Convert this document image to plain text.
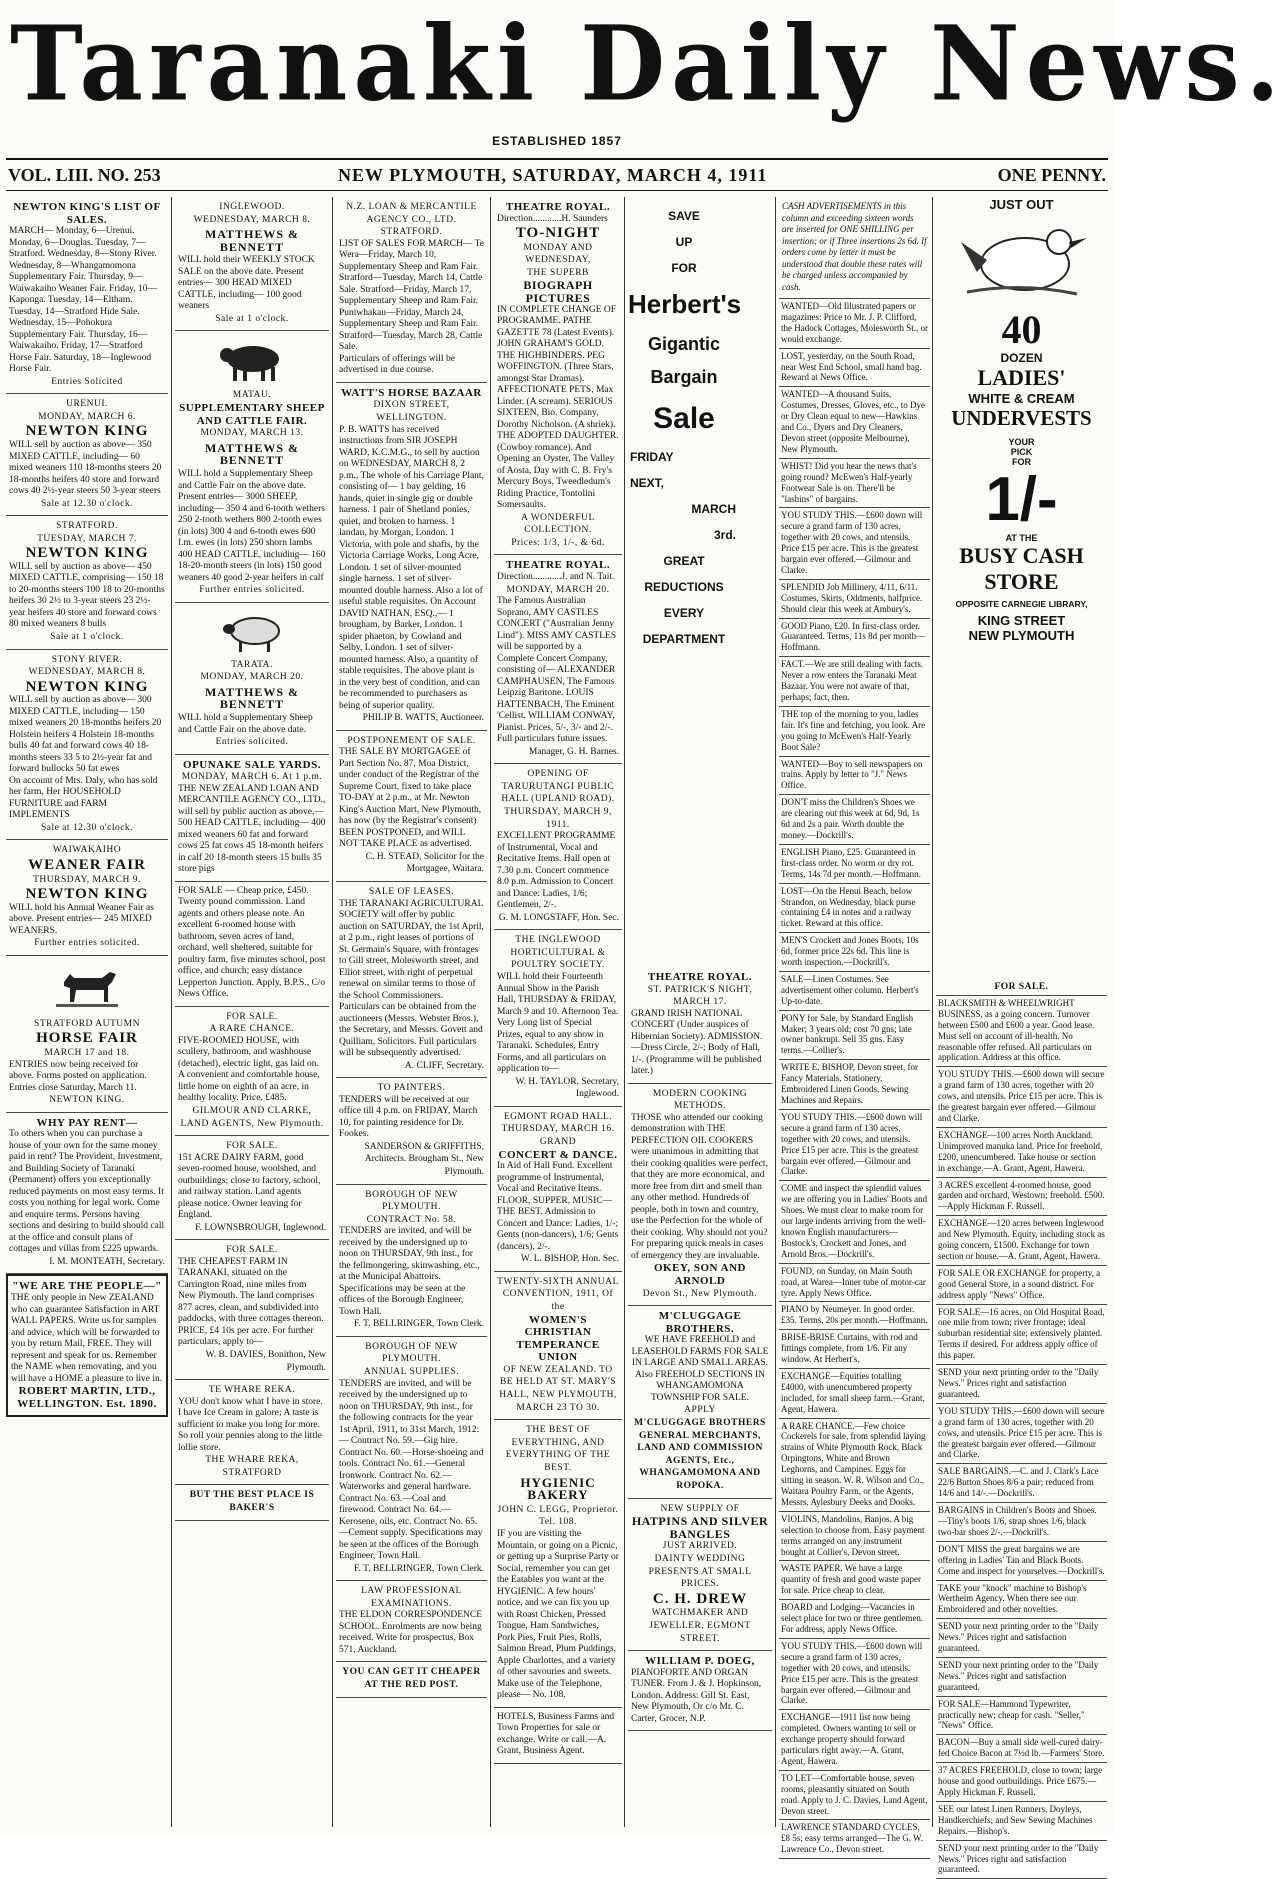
Taranaki Daily News.
ESTABLISHED 1857
VOL. LIII. NO. 253	NEW PLYMOUTH, SATURDAY, MARCH 4, 1911	ONE PENNY.
NEWTON KING'S LIST OF SALES.

MARCH— Monday, 6—Urenui. Monday, 6—Douglas. Tuesday, 7—Stratford. Wednesday, 8—Stony River. Wednesday, 8—Whangamomona Supplementary Fair. Thursday, 9—Waiwakaiho Weaner Fair. Friday, 10—Kaponga. Tuesday, 14—Eltham. Tuesday, 14—Stratford Hide Sale. Wednesday, 15—Pohokura Supplementary Fair. Thursday, 16—Waiwakaiho. Friday, 17—Stratford Horse Fair. Saturday, 18—Inglewood Horse Fair.

Entries Solicited
URENUI.
MONDAY, MARCH 6.
NEWTON KING

WILL sell by auction as above— 350 MIXED CATTLE, including— 60 mixed weaners 110 18-months steers 20 18-months heifers 40 store and forward cows 40 2½-year steers 50 3-year steers

Sale at 12.30 o'clock.
STRATFORD.
TUESDAY, MARCH 7.
NEWTON KING

WILL sell by auction as above— 450 MIXED CATTLE, comprising— 150 18 to 20-months steers 100 18 to 20-months heifers 30 2½ to 3-year steers 23 2½-year heifers 40 store and forward cows 80 mixed weaners 8 bulls

Sale at 1 o'clock.
STONY RIVER.
WEDNESDAY, MARCH 8.
NEWTON KING

WILL sell by auction as above— 300 MIXED CATTLE, including— 150 mixed weaners 20 18-months heifers 20 Holstein heifers 4 Holstein 18-months bulls 40 fat and forward cows 40 18-months steers 33 5 to 2½-year fat and forward bullocks 50 fat ewes

On account of Mrs. Daly, who has sold her farm, Her HOUSEHOLD FURNITURE and FARM IMPLEMENTS

Sale at 12.30 o'clock.
WAIWAKAIHO
WEANER FAIR
THURSDAY, MARCH 9.
NEWTON KING

WILL hold his Annual Weaner Fair as above. Present entries— 245 MIXED WEANERS.

Further entries solicited.
STRATFORD AUTUMN
HORSE FAIR
MARCH 17 and 18.

ENTRIES now being received for above. Forms posted on application. Entries close Saturday, March 11.

NEWTON KING.
WHY PAY RENT—

To others when you can purchase a house of your own for the same money paid in rent? The Provident, Investment, and Building Society of Taranaki (Permanent) offers you exceptionally reduced payments on most easy terms. It costs you nothing for legal work. Come and enquire terms. Persons having sections and desiring to build should call at the office and consult plans of cottages and villas from £225 upwards.

I. M. MONTEATH, Secretary.
"WE ARE THE PEOPLE—"

THE only people in New ZEALAND who can guarantee Satisfaction in ART WALL PAPERS. Write us for samples and advice, which will be forwarded to you by return Mail, FREE. They will represent and speak for us. Remember the NAME when removating, and you will have a HOME a pleasure to live in.

ROBERT MARTIN, LTD., WELLINGTON. Est. 1890.
INGLEWOOD.
WEDNESDAY, MARCH 8.
MATTHEWS & BENNETT

WILL hold their WEEKLY STOCK SALE on the above date. Present entries— 300 HEAD MIXED CATTLE, including— 100 good weaners

Sale at 1 o'clock.
MATAU.
SUPPLEMENTARY SHEEP AND CATTLE FAIR.
MONDAY, MARCH 13.
MATTHEWS & BENNETT

WILL hold a Supplementary Sheep and Cattle Fair on the above date. Present entries— 3000 SHEEP, including— 350 4 and 6-tooth wethers 250 2-tooth wethers 800 2-tooth ewes (in lots) 300 4 and 6-tooth ewes 600 f.m. ewes (in lots) 250 shorn lambs 400 HEAD CATTLE, including— 160 18-20-month steers (in lots) 150 good weaners 40 good 2-year heifers in calf

Further entries solicited.
TARATA.
MONDAY, MARCH 20.
MATTHEWS & BENNETT

WILL hold a Supplementary Sheep and Cattle Fair on the above date.

Entries solicited.
OPUNAKE SALE YARDS.
MONDAY, MARCH 6. At 1 p.m.

THE NEW ZEALAND LOAN AND MERCANTILE AGENCY CO., LTD., will sell by public auction as above,— 500 HEAD CATTLE, including— 400 mixed weaners 60 fat and forward cows 25 fat cows 45 18-month heifers in calf 20 18-month steers 15 bulls 35 store pigs

FOR SALE — Cheap price, £450. Twenty pound commission. Land agents and others please note. An excellent 6-roomed house with bathroom, seven acres of land, orchard, well sheltered, suitable for poultry farm, five minutes school, post office, and church; easy distance Lepperton Junction. Apply, B.P.S., C/o News Office.

FOR SALE.
A RARE CHANCE.

FIVE-ROOMED HOUSE, with scullery, bathroom, and washhouse (detached), electric light, gas laid on. A convenient and comfortable house, little home on eighth of an acre, in healthy locality. Price, £485.

GILMOUR AND CLARKE, LAND AGENTS, New Plymouth.
FOR SALE.

151 ACRE DAIRY FARM, good seven-roomed house, woolshed, and outbuildings; close to factory, school, and railway station. Land agents please notice. Owner leaving for England.

F. LOWNSBROUGH, Inglewood.
FOR SALE.

THE CHEAPEST FARM IN TARANAKI, situated on the Carrington Road, nine miles from New Plymouth. The land comprises 877 acres, clean, and subdivided into paddocks, with three cottages thereon. PRICE, £4 10s per acre. For further particulars, apply to—

W. B. DAVIES, Bonithon, New Plymouth.
TE WHARE REKA.

YOU don't know what I have in store. I have Ice Cream in galore; A taste is sufficient to make you long for more. So roll your pennies along to the little lollie store.

THE WHARE REKA, STRATFORD
BUT THE BEST PLACE IS BAKER'S
N.Z. LOAN & MERCANTILE AGENCY CO., LTD.
STRATFORD.

LIST OF SALES FOR MARCH— Te Wera—Friday, March 10, Supplementary Sheep and Ram Fair. Stratford—Tuesday, March 14, Cattle Sale. Stratford—Friday, March 17, Supplementary Sheep and Ram Fair. Puniwhakau—Friday, March 24, Supplementary Sheep and Ram Fair. Stratford—Tuesday, March 28, Cattle Sale.

Particulars of offerings will be advertised in due course.

WATT'S HORSE BAZAAR
DIXON STREET, WELLINGTON.

P. B. WATTS has received instructions from SIR JOSEPH WARD, K.C.M.G., to sell by auction on WEDNESDAY, MARCH 8, 2 p.m., The whole of his Carriage Plant, consisting of— 1 bay gelding, 16 hands, quiet in single gig or double harness. 1 pair of Shetland ponies, quiet, and broken to harness. 1 landau, by Morgan, London. 1 Victoria, with pole and shafts, by the Victoria Carriage Works, Long Acre, London. 1 set of silver-mounted single harness. 1 set of silver-mounted double harness. Also a lot of useful stable requisites. On Account DAVID NATHAN, ESQ.,— 1 brougham, by Barker, London. 1 spider phaeton, by Cowland and Selby, London. 1 set of silver-mounted harness. Also, a quantity of stable requisites. The above plant is in the very best of condition, and can be recommended to purchasers as being of superior quality.

PHILIP B. WATTS, Auctioneer.
POSTPONEMENT OF SALE.

THE SALE BY MORTGAGEE of Part Section No. 87, Moa District, under conduct of the Registrar of the Supreme Court, fixed to take place TO-DAY at 2 p.m., at Mr. Newton King's Auction Mart, New Plymouth, has now (by the Registrar's consent) BEEN POSTPONED, and WILL NOT TAKE PLACE as advertised.

C. H. STEAD, Solicitor for the Mortgagee, Waitara.
SALE OF LEASES.

THE TARANAKI AGRICULTURAL SOCIETY will offer by public auction on SATURDAY, the 1st April, at 2 p.m., right leases of portions of St. Germain's Square, with frontages to Gill street, Molesworth street, and Elliot street, with right of perpetual renewal on similar terms to those of the School Commissioners. Particulars can be obtained from the auctioneers (Messrs. Webster Bros.), the Secretary, and Messrs. Govett and Quilliam, Solicitors. Full particulars will be subsequently advertised.

A. CLIFF, Secretary.
TO PAINTERS.

TENDERS will be received at our office till 4 p.m. on FRIDAY, March 10, for painting residence for Dr. Fookes.

SANDERSON & GRIFFITHS, Architects. Brougham St., New Plymouth.
BOROUGH OF NEW PLYMOUTH.
CONTRACT No. 58.

TENDERS are invited, and will be received by the undersigned up to noon on THURSDAY, 9th inst., for the fellmongering, skinwashing, etc., at the Municipal Abattoirs. Specifications may be seen at the offices of the Borough Engineer, Town Hall.

F. T. BELLRINGER, Town Clerk.
BOROUGH OF NEW PLYMOUTH.
ANNUAL SUPPLIES.

TENDERS are invited, and will be received by the undersigned up to noon on THURSDAY, 9th inst., for the following contracts for the year 1st April, 1911, to 31st March, 1912:— Contract No. 59.—Gig hire. Contract No. 60.—Horse-shoeing and tools. Contract No. 61.—General Ironwork. Contract No. 62.—Waterworks and general hardware. Contract No. 63.—Coal and firewood. Contract No. 64.—Kerosene, oils, etc. Contract No. 65.—Cement supply. Specifications may be seen at the offices of the Borough Engineer, Town Hall.

F. T. BELLRINGER, Town Clerk.
LAW PROFESSIONAL EXAMINATIONS.

THE ELDON CORRESPONDENCE SCHOOL. Enrolments are now being received. Write for prospectus, Box 571, Auckland.

YOU CAN GET IT CHEAPER AT THE RED POST.
THEATRE ROYAL.
Direction............H. Saunders
TO-NIGHT
MONDAY AND WEDNESDAY,
THE SUPERB
BIOGRAPH PICTURES

IN COMPLETE CHANGE OF PROGRAMME. PATHE GAZETTE 78 (Latest Events). JOHN GRAHAM'S GOLD. THE HIGHBINDERS. PEG WOFFINGTON. (Three Stars, amongst Star Dramas). AFFECTIONATE PETS, Max Linder. (A scream). SERIOUS SIXTEEN, Bio. Company, Dorothy Nicholson. (A shriek). THE ADOPTED DAUGHTER. (Cowboy romance). And Opening an Oyster, The Valley of Aosta, Day with C. B. Fry's Mercury Boys, Tweedledum's Riding Practice, Tontolini Somersaults.

A WONDERFUL COLLECTION.
Prices: 1/3, 1/-, & 6d.
THEATRE ROYAL.
Direction............J. and N. Tait.
MONDAY, MARCH 20.

The Famous Australian Soprano, AMY CASTLES CONCERT ("Australian Jenny Lind"). MISS AMY CASTLES will be supported by a Complete Concert Company, consisting of— ALEXANDER CAMPHAUSEN, The Famous Leipzig Baritone. LOUIS HATTENBACH, The Eminent 'Cellist. WILLIAM CONWAY, Pianist. Prices, 5/-, 3/- and 2/-. Full particulars future issues.

Manager, G. H. Barnes.
OPENING OF TARURUTANGI PUBLIC HALL (UPLAND ROAD).
THURSDAY, MARCH 9, 1911.

EXCELLENT PROGRAMME of Instrumental, Vocal and Recitative Items. Hall open at 7.30 p.m. Concert commence 8.0 p.m. Admission to Concert and Dance: Ladies, 1/6; Gentlemen, 2/-.

G. M. LONGSTAFF, Hon. Sec.
THE INGLEWOOD HORTICULTURAL & POULTRY SOCIETY.

WILL hold their Fourteenth Annual Show in the Parish Hall, THURSDAY & FRIDAY, March 9 and 10. Afternoon Tea. Very Long list of Special Prizes, equal to any show in Taranaki. Schedules, Entry Forms, and all particulars on application to—

W. H. TAYLOR, Secretary, Inglewood.
EGMONT ROAD HALL.
THURSDAY, MARCH 16.
GRAND
CONCERT & DANCE.

In Aid of Hall Fund. Excellent programme of Instrumental, Vocal and Recitative Items. FLOOR, SUPPER, MUSIC—THE BEST. Admission to Concert and Dance: Ladies, 1/-; Gents (non-dancers), 1/6; Gents (dancers), 2/-.

W. L. BISHOP, Hon. Sec.
TWENTY-SIXTH ANNUAL CONVENTION, 1911, Of the
WOMEN'S CHRISTIAN TEMPERANCE UNION
OF NEW ZEALAND. TO BE HELD AT ST. MARY'S HALL, NEW PLYMOUTH, MARCH 23 TO 30.
THE BEST OF EVERYTHING, AND EVERYTHING OF THE BEST.
HYGIENIC BAKERY
JOHN C. LEGG, Proprietor. Tel. 108.

IF you are visiting the Mountain, or going on a Picnic, or getting up a Surprise Party or Social, remember you can get the Eatables you want at the HYGIENIC. A few hours' notice, and we can fix you up with Roast Chicken, Pressed Tongue, Ham Sandwiches, Pork Pies, Fruit Pies, Rolls, Salmon Bread, Plum Puddings, Apple Charlottes, and a variety of other savouries and sweets. Make use of the Telephone, please— No. 108.

HOTELS, Business Farms and Town Properties for sale or exchange. Write or call.—A. Grant, Business Agent.

SAVE
UP
FOR
Herbert's
Gigantic
Bargain
Sale
FRIDAY
NEXT,
MARCH
3rd.
GREAT
REDUCTIONS
EVERY
DEPARTMENT
THEATRE ROYAL.
ST. PATRICK'S NIGHT, MARCH 17.

GRAND IRISH NATIONAL CONCERT (Under auspices of Hibernian Society). ADMISSION.—Dress Circle, 2/-; Body of Hall, 1/-. (Programme will be published later.)

MODERN COOKING METHODS.

THOSE who attended our cooking demonstration with THE PERFECTION OIL COOKERS were unanimous in admitting that their cooking qualities were perfect, that they are more economical, and more free from dirt and smell than any other method. Hundreds of people, both in town and country, use the Perfection for the whole of their cooking. Why should not you? For preparing quick meals in cases of emergency they are invaluable.

OKEY, SON AND ARNOLD
Devon St., New Plymouth.
M'CLUGGAGE BROTHERS.

WE HAVE FREEHOLD and LEASEHOLD FARMS FOR SALE IN LARGE AND SMALL AREAS. Also FREEHOLD SECTIONS IN WHANGAMOMONA TOWNSHIP FOR SALE.

APPLY
M'CLUGGAGE BROTHERS GENERAL MERCHANTS, LAND AND COMMISSION AGENTS, Etc., WHANGAMOMONA AND ROPOKA.
NEW SUPPLY OF
HATPINS AND SILVER BANGLES
JUST ARRIVED.
DAINTY WEDDING PRESENTS AT SMALL PRICES.
C. H. DREW
WATCHMAKER AND JEWELLER, EGMONT STREET.
WILLIAM P. DOEG,

PIANOFORTE AND ORGAN TUNER. From J. & J. Hopkinson, London. Address: Gill St. East, New Plymouth, Or c/o Mr. C. Carter, Grocer, N.P.

CASH ADVERTISEMENTS in this column and exceeding sixteen words are inserted for ONE SHILLING per insertion; or if Three insertions 2s 6d. If orders come by letter it must be understood that double these rates will be charged unless accompanied by cash.

WANTED—Old Illustrated papers or magazines: Price to Mr. J. P. Clifford, the Hadock Cottages, Molesworth St., or would exchange.

LOST, yesterday, on the South Road, near West End School, small hand bag. Reward at News Office.

WANTED—A thousand Suits, Costumes, Dresses, Gloves, etc., to Dye or Dry Clean equal to new—Hawkins and Co., Dyers and Dry Cleaners, Devon street (opposite Melbourne), New Plymouth.

WHIST! Did you hear the news that's going round? McEwen's Half-yearly Footwear Sale is on. There'll be "lashins" of bargains.

YOU STUDY THIS.—£600 down will secure a grand farm of 130 acres, together with 20 cows, and utensils. Price £15 per acre. This is the greatest bargain ever offered.—Gilmour and Clarke.

SPLENDID Job Millinery, 4/11, 6/11. Costumes, Skirts, Oddments, halfprice. Should clear this week at Ambury's.

GOOD Piano, £20. In first-class order. Guaranteed. Terms, 11s 8d per month—Hoffmann.

FACT.—We are still dealing with facts. Never a row enters the Taranaki Meat Bazaar. You were not aware of that, perhaps; fact, then.

THE top of the morning to you, ladies fair. It's fine and fetching, you look. Are you going to McEwen's Half-Yearly Boot Sale?

WANTED—Boy to sell newspapers on trains. Apply by letter to "J." News Office.

DON'T miss the Children's Shoes we are clearing out this week at 6d, 9d, 1s 6d and 2s a pair. Worth double the money.—Dockrill's.

ENGLISH Piano, £25. Guaranteed in first-class order. No worm or dry rot. Terms, 14s 7d per month.—Hoffmann.

LOST—On the Henui Beach, below Strandon, on Wednesday, black purse containing £4 in notes and a railway ticket. Reward at this office.

MEN'S Crockett and Jones Boots, 10s 6d, former price 22s 6d. This line is worth inspection.—Dockrill's.

SALE—Linen Costumes. See advertisement other column. Herbert's Up-to-date.

PONY for Sale, by Standard English Maker; 3 years old; cost 70 gns; late owner bankrupt. Sell 35 gns. Easy terms.—Collier's.

WRITE E. BISHOP, Devon street, for Fancy Materials, Stationery, Embroidered Linen Goods, Sewing Machines and Repairs.

YOU STUDY THIS.—£600 down will secure a grand farm of 130 acres, together with 20 cows, and utensils. Price £15 per acre. This is the greatest bargain ever offered.—Gilmour and Clarke.

COME and inspect the splendid values we are offering you in Ladies' Boots and Shoes. We must clear to make room for our large indents arriving from the well-known English manufacturers—Bostock's, Crockett and Jones, and Arnold Bros.—Dockrill's.

FOUND, on Sunday, on Main South road, at Warea—Inner tube of motor-car tyre. Apply News Office.

PIANO by Neumeyer. In good order. £35. Terms, 20s per month.—Hoffmann.

BRISE-BRISE Curtains, with rod and fittings complete, from 1/6. Fit any window. At Herbert's.

EXCHANGE—Equities totalling £4000, with unencumbered property included, for small sheep farm.—Grant, Agent, Hawera.

A RARE CHANCE.—Few choice Cockerels for sale, from splendid laying strains of White Plymouth Rock, Black Orpingtons, White and Brown Leghorns, and Campines. Eggs for sitting in season. W. R. Wilson and Co., Waitara Poultry Farm, or the Agents, Messrs. Aylesbury Deeks and Dooks.

VIOLINS, Mandolins, Banjos. A big selection to choose from. Easy payment terms arranged on any instrument bought at Collier's, Devon street.

WASTE PAPER. We have a large quantity of fresh and good waste paper for sale. Price cheap to clear.

BOARD and Lodging—Vacancies in select place for two or three gentlemen. For address, apply News Office.

YOU STUDY THIS.—£600 down will secure a grand farm of 130 acres, together with 20 cows, and utensils. Price £15 per acre. This is the greatest bargain ever offered.—Gilmour and Clarke.

EXCHANGE—1911 list now being completed. Owners wanting to sell or exchange property should forward particulars right away.—A. Grant, Agent, Hawera.

TO LET—Comfortable house, seven rooms, pleasantly situated on South road. Apply to J. C. Davies, Land Agent, Devon street.

LAWRENCE STANDARD CYCLES, £8 5s; easy terms arranged—The G. W. Lawrence Co., Devon street.

JUST OUT
40
DOZEN
LADIES'
WHITE & CREAM
UNDERVESTS
YOUR
PICK
FOR
1/-
AT THE
BUSY CASH
STORE
OPPOSITE CARNEGIE LIBRARY,
KING STREET
NEW PLYMOUTH
FOR SALE.

BLACKSMITH & WHEELWRIGHT BUSINESS, as a going concern. Turnover between £500 and £600 a year. Good lease. Must sell on account of ill-health. No reasonable offer refused. All particulars on application. Address at this office.

YOU STUDY THIS.—£600 down will secure a grand farm of 130 acres, together with 20 cows, and utensils. Price £15 per acre. This is the greatest bargain ever offered.—Gilmour and Clarke.

EXCHANGE—100 acres North Auckland. Unimproved manuka land. Price for freehold, £200, unencumbered. Take house or section in exchange.—A. Grant, Agent, Hawera.

3 ACRES excellent 4-roomed house, good garden and orchard, Westown; freehold. £500.—Apply Hickman F. Russell.

EXCHANGE—120 acres between Inglewood and New Plymouth. Equity, including stock as going concern, £1500. Exchange for town section or house.—A. Grant, Agent, Hawera.

FOR SALE OR EXCHANGE for property, a good General Store, in a sound district. For address apply "News" Office.

FOR SALE—16 acres, on Old Hospital Road, one mile from town; river frontage; ideal suburban residential site; extensively planted. Terms if desired. For address apply office of this paper.

SEND your next printing order to the "Daily News." Prices right and satisfaction guaranteed.

YOU STUDY THIS.—£600 down will secure a grand farm of 130 acres, together with 20 cows, and utensils. Price £15 per acre. This is the greatest bargain ever offered.—Gilmour and Clarke.

SALE BARGAINS.—C. and J. Clark's Lace 22/6 Button Shoes 8/6 a pair; reduced from 14/6 and 14/-.—Dockrill's.

BARGAINS in Children's Boots and Shoes.—Tiny's boots 1/6, strap shoes 1/6, black two-bar shoes 2/-.—Dockrill's.

DON'T MISS the great bargains we are offering in Ladies' Tan and Black Boots. Come and inspect for yourselves.—Dockrill's.

TAKE your "knock" machine to Bishop's Wertheim Agency. When there see our Embroidered and other novelties.

SEND your next printing order to the "Daily News." Prices right and satisfaction guaranteed.

SEND your next printing order to the "Daily News." Prices right and satisfaction guaranteed.

FOR SALE—Hammond Typewriter, practically new; cheap for cash. "Seller," "News" Office.

BACON—Buy a small side well-cured dairy-fed Choice Bacon at 7½d lb.—Farmers' Store.

37 ACRES FREEHOLD, close to town; large house and good outbuildings. Price £675.—Apply Hickman F. Russell.

SEE our latest Linen Runners, Doyleys, Handkerchiefs; and Sew Sewing Machines Repairs.—Bishop's.

SEND your next printing order to the "Daily News." Prices right and satisfaction guaranteed.
